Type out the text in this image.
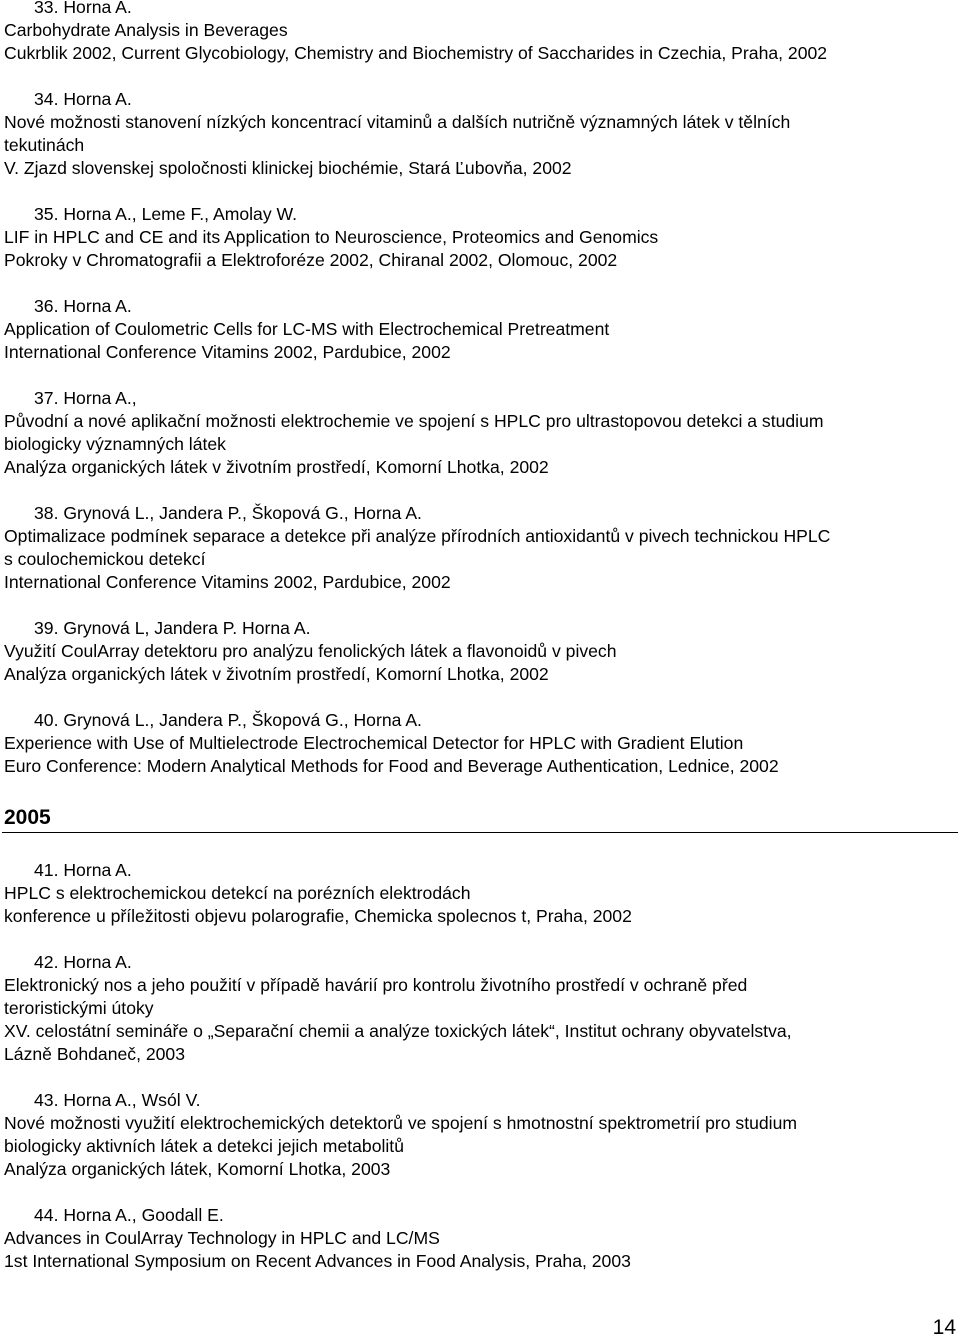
33. Horna A.
Carbohydrate Analysis in Beverages
Cukrblik 2002, Current Glycobiology, Chemistry and Biochemistry of Saccharides in Czechia, Praha, 2002
34. Horna A.
Nové možnosti stanovení nízkých koncentrací vitaminů a dalších nutričně významných látek v tělních
tekutinách
V. Zjazd slovenskej spoločnosti klinickej biochémie, Stará Ľubovňa, 2002
35. Horna A., Leme F., Amolay W.
LIF in HPLC and CE and its Application to Neuroscience, Proteomics and Genomics
Pokroky v Chromatografii a Elektroforéze 2002, Chiranal 2002, Olomouc, 2002
36. Horna A.
Application of Coulometric Cells for LC-MS with Electrochemical Pretreatment
International Conference Vitamins 2002, Pardubice, 2002
37. Horna A.,
Původní a nové aplikační možnosti elektrochemie ve spojení s HPLC pro ultrastopovou detekci a studium
biologicky významných látek
Analýza organických látek v životním prostředí, Komorní Lhotka, 2002
38. Grynová L., Jandera P., Škopová G., Horna A.
Optimalizace podmínek separace a detekce při analýze přírodních antioxidantů v pivech technickou HPLC
s coulochemickou detekcí
International Conference Vitamins 2002, Pardubice, 2002
39. Grynová L, Jandera P. Horna A.
Využití CoulArray detektoru pro analýzu fenolických látek a flavonoidů v pivech
Analýza organických látek v životním prostředí, Komorní Lhotka, 2002
40. Grynová L., Jandera P., Škopová G., Horna A.
Experience with Use of Multielectrode Electrochemical Detector for HPLC with Gradient Elution
Euro Conference: Modern Analytical Methods for Food and Beverage Authentication, Lednice, 2002
2005
41. Horna A.
HPLC s elektrochemickou detekcí na porézních elektrodách
konference u příležitosti objevu polarografie, Chemicka spolecnos t, Praha, 2002
42. Horna A.
Elektronický nos a jeho použití v případě havárií pro kontrolu životního prostředí v ochraně před
teroristickými útoky
XV. celostátní semináře o „Separační chemii a analýze toxických látek“, Institut ochrany obyvatelstva,
Lázně Bohdaneč, 2003
43. Horna A., Wsól V.
Nové možnosti využití elektrochemických detektorů ve spojení s hmotnostní spektrometrií pro studium
biologicky aktivních látek a detekci jejich metabolitů
Analýza organických látek, Komorní Lhotka, 2003
44. Horna A., Goodall E.
Advances in CoulArray Technology in HPLC and LC/MS
1st International Symposium on Recent Advances in Food Analysis, Praha, 2003
14
